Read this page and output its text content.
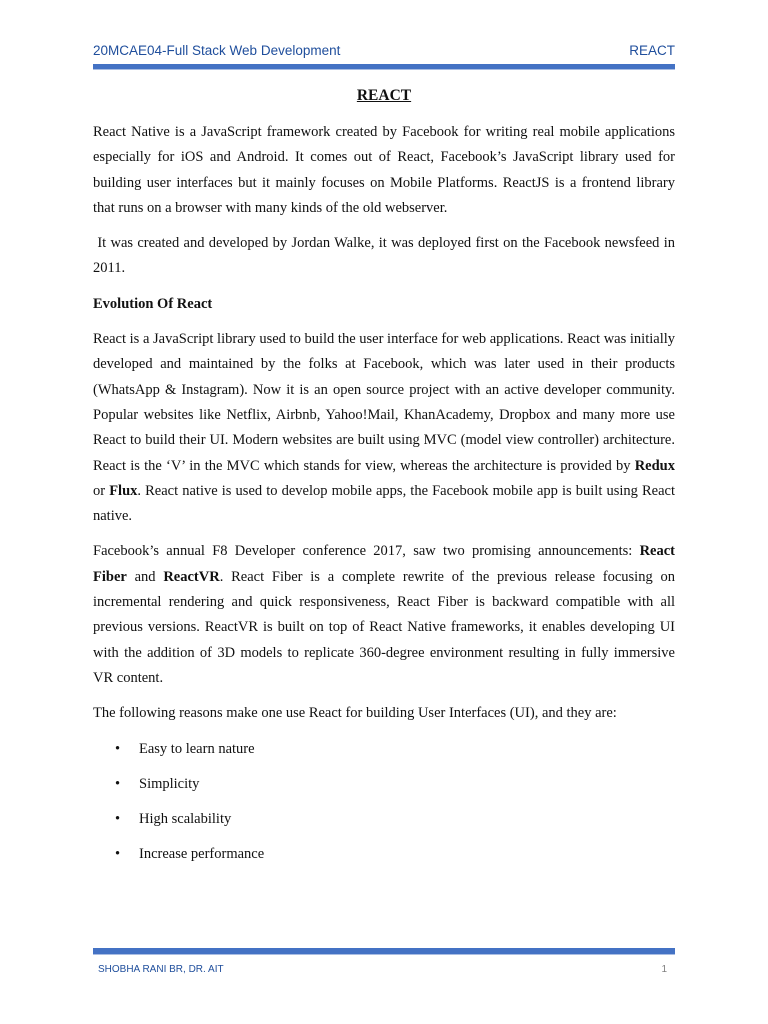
20MCAE04-Full Stack Web Development	REACT
REACT

React Native is a JavaScript framework created by Facebook for writing real mobile applications especially for iOS and Android. It comes out of React, Facebook’s JavaScript library used for building user interfaces but it mainly focuses on Mobile Platforms. ReactJS is a frontend library that runs on a browser with many kinds of the old webserver.

It was created and developed by Jordan Walke, it was deployed first on the Facebook newsfeed in 2011.

Evolution Of React

React is a JavaScript library used to build the user interface for web applications. React was initially developed and maintained by the folks at Facebook, which was later used in their products (WhatsApp & Instagram). Now it is an open source project with an active developer community. Popular websites like Netflix, Airbnb, Yahoo!Mail, KhanAcademy, Dropbox and many more use React to build their UI. Modern websites are built using MVC (model view controller) architecture. React is the ‘V’ in the MVC which stands for view, whereas the architecture is provided by Redux or Flux. React native is used to develop mobile apps, the Facebook mobile app is built using React native.

Facebook’s annual F8 Developer conference 2017, saw two promising announcements: React Fiber and ReactVR. React Fiber is a complete rewrite of the previous release focusing on incremental rendering and quick responsiveness, React Fiber is backward compatible with all previous versions. ReactVR is built on top of React Native frameworks, it enables developing UI with the addition of 3D models to replicate 360-degree environment resulting in fully immersive VR content.

The following reasons make one use React for building User Interfaces (UI), and they are:

• Easy to learn nature
• Simplicity
• High scalability
• Increase performance
SHOBHA RANI BR, DR. AIT	1
